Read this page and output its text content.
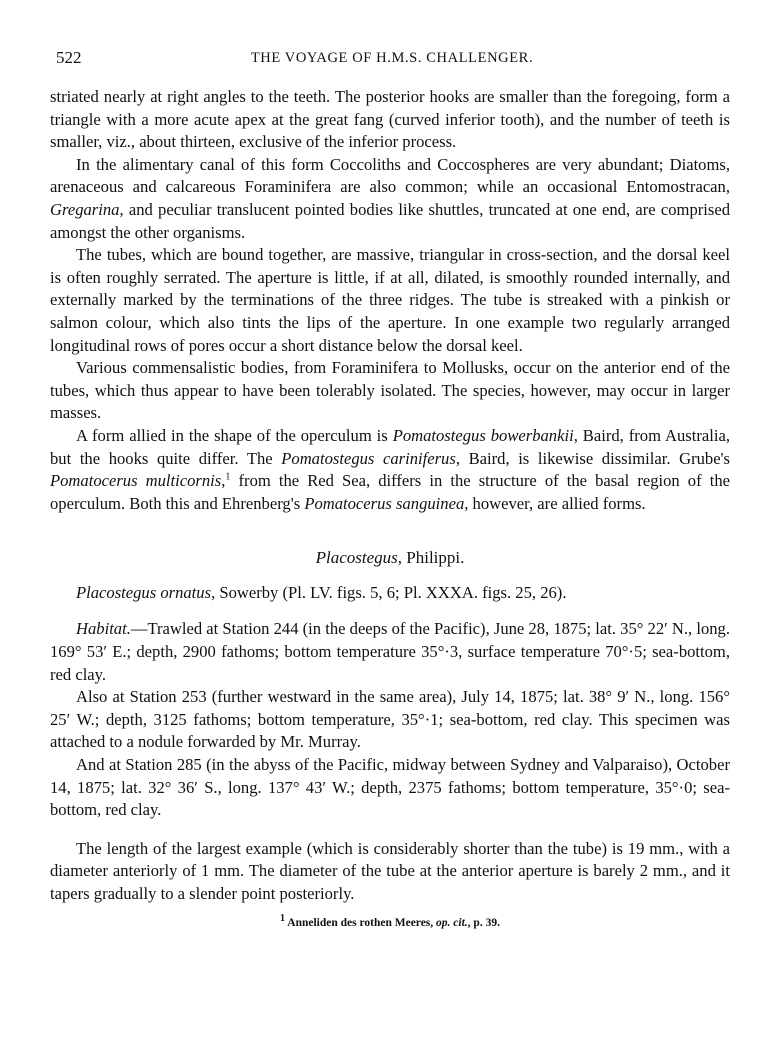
522	THE VOYAGE OF H.M.S. CHALLENGER.

striated nearly at right angles to the teeth. The posterior hooks are smaller than the foregoing, form a triangle with a more acute apex at the great fang (curved inferior tooth), and the number of teeth is smaller, viz., about thirteen, exclusive of the inferior process.

In the alimentary canal of this form Coccoliths and Coccospheres are very abundant; Diatoms, arenaceous and calcareous Foraminifera are also common; while an occasional Entomostracan, Gregarina, and peculiar translucent pointed bodies like shuttles, truncated at one end, are comprised amongst the other organisms.

The tubes, which are bound together, are massive, triangular in cross-section, and the dorsal keel is often roughly serrated. The aperture is little, if at all, dilated, is smoothly rounded internally, and externally marked by the terminations of the three ridges. The tube is streaked with a pinkish or salmon colour, which also tints the lips of the aperture. In one example two regularly arranged longitudinal rows of pores occur a short distance below the dorsal keel.

Various commensalistic bodies, from Foraminifera to Mollusks, occur on the anterior end of the tubes, which thus appear to have been tolerably isolated. The species, however, may occur in larger masses.

A form allied in the shape of the operculum is Pomatostegus bowerbankii, Baird, from Australia, but the hooks quite differ. The Pomatostegus cariniferus, Baird, is likewise dissimilar. Grube's Pomatocerus multicornis,$^1$ from the Red Sea, differs in the structure of the basal region of the operculum. Both this and Ehrenberg's Pomatocerus sanguinea, however, are allied forms.

Placostegus, Philippi.

Placostegus ornatus, Sowerby (Pl. LV. figs. 5, 6; Pl. XXXA. figs. 25, 26).

Habitat.—Trawled at Station 244 (in the deeps of the Pacific), June 28, 1875; lat. 35° 22′ N., long. 169° 53′ E.; depth, 2900 fathoms; bottom temperature 35°·3, surface temperature 70°·5; sea-bottom, red clay.

Also at Station 253 (further westward in the same area), July 14, 1875; lat. 38° 9′ N., long. 156° 25′ W.; depth, 3125 fathoms; bottom temperature, 35°·1; sea-bottom, red clay. This specimen was attached to a nodule forwarded by Mr. Murray.

And at Station 285 (in the abyss of the Pacific, midway between Sydney and Valparaiso), October 14, 1875; lat. 32° 36′ S., long. 137° 43′ W.; depth, 2375 fathoms; bottom temperature, 35°·0; sea-bottom, red clay.

The length of the largest example (which is considerably shorter than the tube) is 19 mm., with a diameter anteriorly of 1 mm. The diameter of the tube at the anterior aperture is barely 2 mm., and it tapers gradually to a slender point posteriorly.

$^1$ Anneliden des rothen Meeres, op. cit., p. 39.
